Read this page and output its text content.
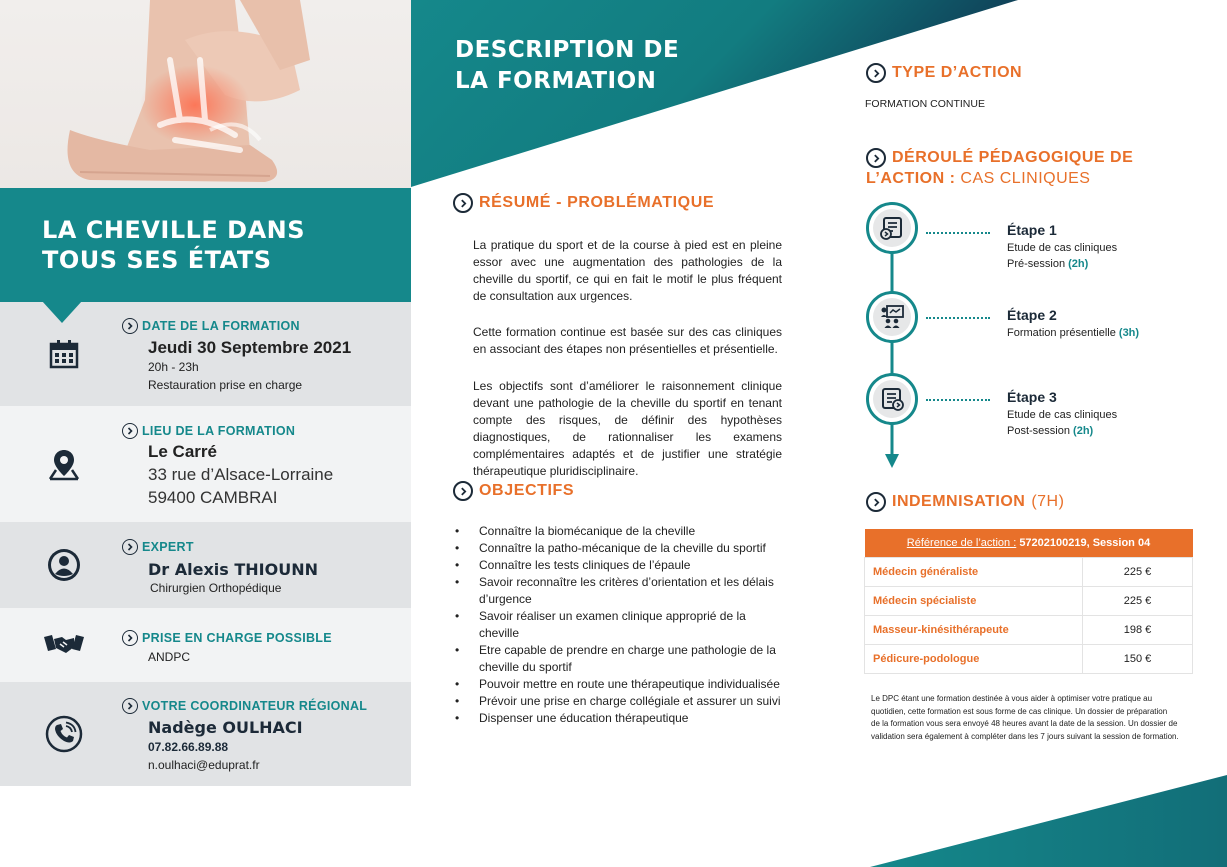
LA CHEVILLE DANS TOUS SES ÉTATS
DATE DE LA FORMATION
Jeudi 30 Septembre 2021
20h - 23h
Restauration prise en charge
LIEU DE LA FORMATION
Le Carré
33 rue d’Alsace-Lorraine
59400 CAMBRAI
EXPERT
Dr Alexis THIOUNN
Chirurgien Orthopédique
PRISE EN CHARGE POSSIBLE
ANDPC
VOTRE COORDINATEUR RÉGIONAL
Nadège OULHACI
07.82.66.89.88
n.oulhaci@eduprat.fr
DESCRIPTION DE
LA FORMATION
RÉSUMÉ - PROBLÉMATIQUE
La pratique du sport et de la course à pied est en pleine essor avec une augmentation des pathologies de la cheville du sportif, ce qui en fait le motif le plus fréquent de consultation aux urgences.
Cette formation continue est basée sur des cas cliniques en associant des étapes non présentielles et présentielle.
Les objectifs sont d’améliorer le raisonnement clinique devant une pathologie de la cheville du sportif en tenant compte des risques, de définir des hypothèses diagnostiques, de rationnaliser les examens complémentaires adaptés et de justifier une stratégie thérapeutique pluridisciplinaire.
OBJECTIFS
• Connaître la biomécanique de la cheville
• Connaître la patho-mécanique de la cheville du sportif
• Connaître les tests cliniques de l’épaule
• Savoir reconnaître les critères d’orientation et les délais d’urgence
• Savoir réaliser un examen clinique approprié de la cheville
• Etre capable de prendre en charge une pathologie de la cheville du sportif
• Pouvoir mettre en route une thérapeutique individualisée
• Prévoir une prise en charge collégiale et assurer un suivi
• Dispenser une éducation thérapeutique
TYPE D’ACTION
FORMATION CONTINUE
DÉROULÉ PÉDAGOGIQUE DE
L’ACTION : CAS CLINIQUES
Étape 1
Etude de cas cliniques
Pré-session (2h)
Étape 2
Formation présentielle (3h)
Étape 3
Etude de cas cliniques
Post-session (2h)
INDEMNISATION (7H)
Référence de l’action : 57202100219, Session 04	
Médecin généraliste	225 €
Médecin spécialiste	225 €
Masseur-kinésithérapeute	198 €
Pédicure-podologue	150 €
Le DPC étant une formation destinée à vous aider à optimiser votre pratique au
quotidien, cette formation est sous forme de cas clinique. Un dossier de préparation
de la formation vous sera envoyé 48 heures avant la date de la session. Un dossier de
validation sera également à compléter dans les 7 jours suivant la session de formation.
